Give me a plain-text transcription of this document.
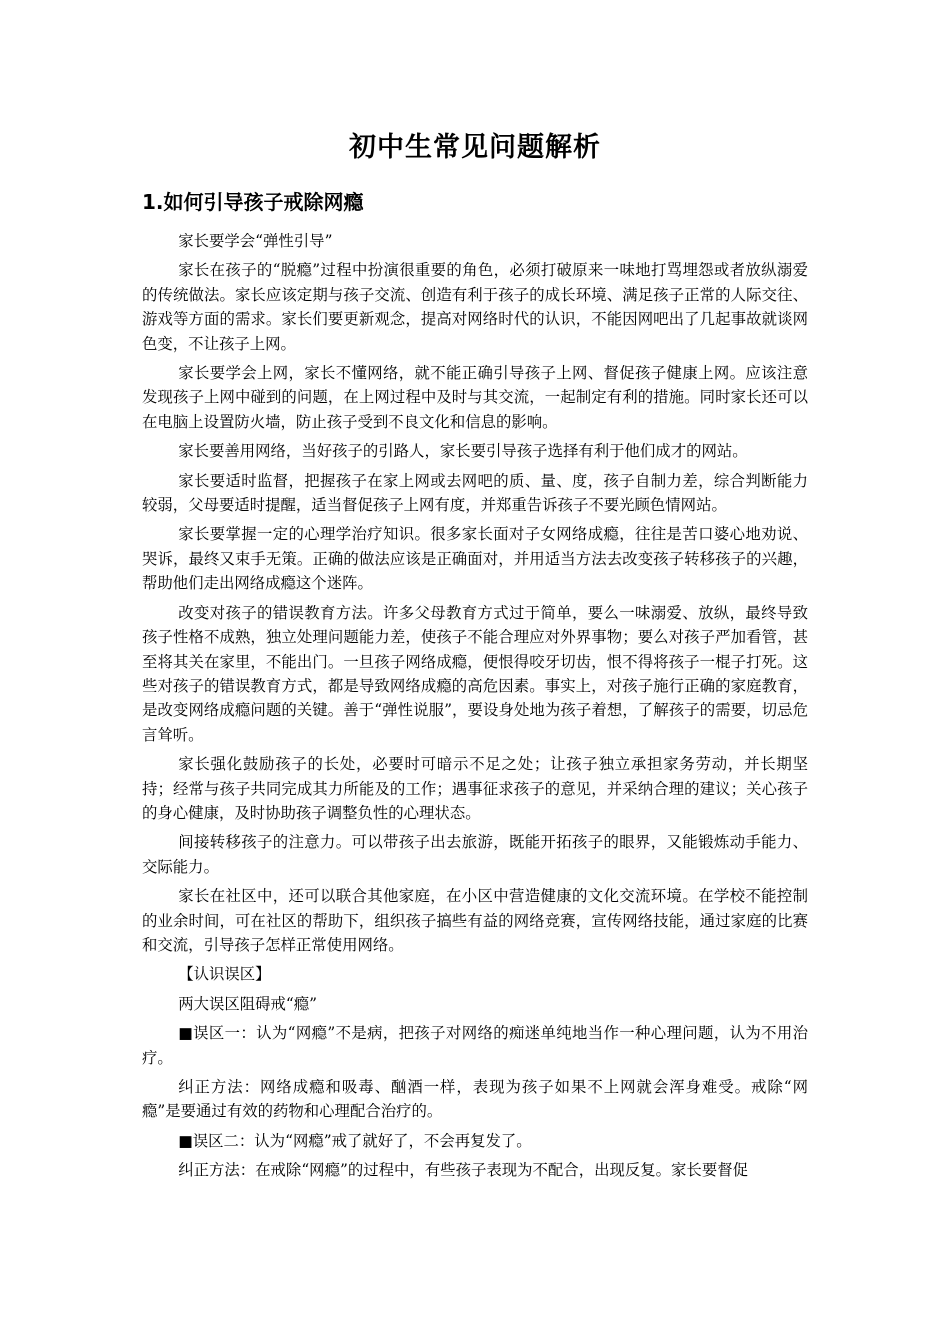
初中生常见问题解析
1.如何引导孩子戒除网瘾

家长要学会“弹性引导”

家长在孩子的“脱瘾”过程中扮演很重要的角色，必须打破原来一味地打骂埋怨或者放纵溺爱的传统做法。家长应该定期与孩子交流、创造有利于孩子的成长环境、满足孩子正常的人际交往、游戏等方面的需求。家长们要更新观念，提高对网络时代的认识，不能因网吧出了几起事故就谈网色变，不让孩子上网。

家长要学会上网，家长不懂网络，就不能正确引导孩子上网、督促孩子健康上网。应该注意发现孩子上网中碰到的问题，在上网过程中及时与其交流，一起制定有利的措施。同时家长还可以在电脑上设置防火墙，防止孩子受到不良文化和信息的影响。

家长要善用网络，当好孩子的引路人，家长要引导孩子选择有利于他们成才的网站。

家长要适时监督，把握孩子在家上网或去网吧的质、量、度，孩子自制力差，综合判断能力较弱，父母要适时提醒，适当督促孩子上网有度，并郑重告诉孩子不要光顾色情网站。

家长要掌握一定的心理学治疗知识。很多家长面对子女网络成瘾，往往是苦口婆心地劝说、哭诉，最终又束手无策。正确的做法应该是正确面对，并用适当方法去改变孩子转移孩子的兴趣，帮助他们走出网络成瘾这个迷阵。

改变对孩子的错误教育方法。许多父母教育方式过于简单，要么一味溺爱、放纵，最终导致孩子性格不成熟，独立处理问题能力差，使孩子不能合理应对外界事物；要么对孩子严加看管，甚至将其关在家里，不能出门。一旦孩子网络成瘾，便恨得咬牙切齿，恨不得将孩子一棍子打死。这些对孩子的错误教育方式，都是导致网络成瘾的高危因素。事实上，对孩子施行正确的家庭教育，是改变网络成瘾问题的关键。善于“弹性说服”，要设身处地为孩子着想，了解孩子的需要，切忌危言耸听。

家长强化鼓励孩子的长处，必要时可暗示不足之处；让孩子独立承担家务劳动，并长期坚持；经常与孩子共同完成其力所能及的工作；遇事征求孩子的意见，并采纳合理的建议；关心孩子的身心健康，及时协助孩子调整负性的心理状态。

间接转移孩子的注意力。可以带孩子出去旅游，既能开拓孩子的眼界，又能锻炼动手能力、交际能力。

家长在社区中，还可以联合其他家庭，在小区中营造健康的文化交流环境。在学校不能控制的业余时间，可在社区的帮助下，组织孩子搞些有益的网络竞赛，宣传网络技能，通过家庭的比赛和交流，引导孩子怎样正常使用网络。

【认识误区】

两大误区阻碍戒“瘾”

■误区一：认为“网瘾”不是病，把孩子对网络的痴迷单纯地当作一种心理问题，认为不用治疗。

纠正方法：网络成瘾和吸毒、酗酒一样，表现为孩子如果不上网就会浑身难受。戒除“网瘾”是要通过有效的药物和心理配合治疗的。

■误区二：认为“网瘾”戒了就好了，不会再复发了。

纠正方法：在戒除“网瘾”的过程中，有些孩子表现为不配合，出现反复。家长要督促
